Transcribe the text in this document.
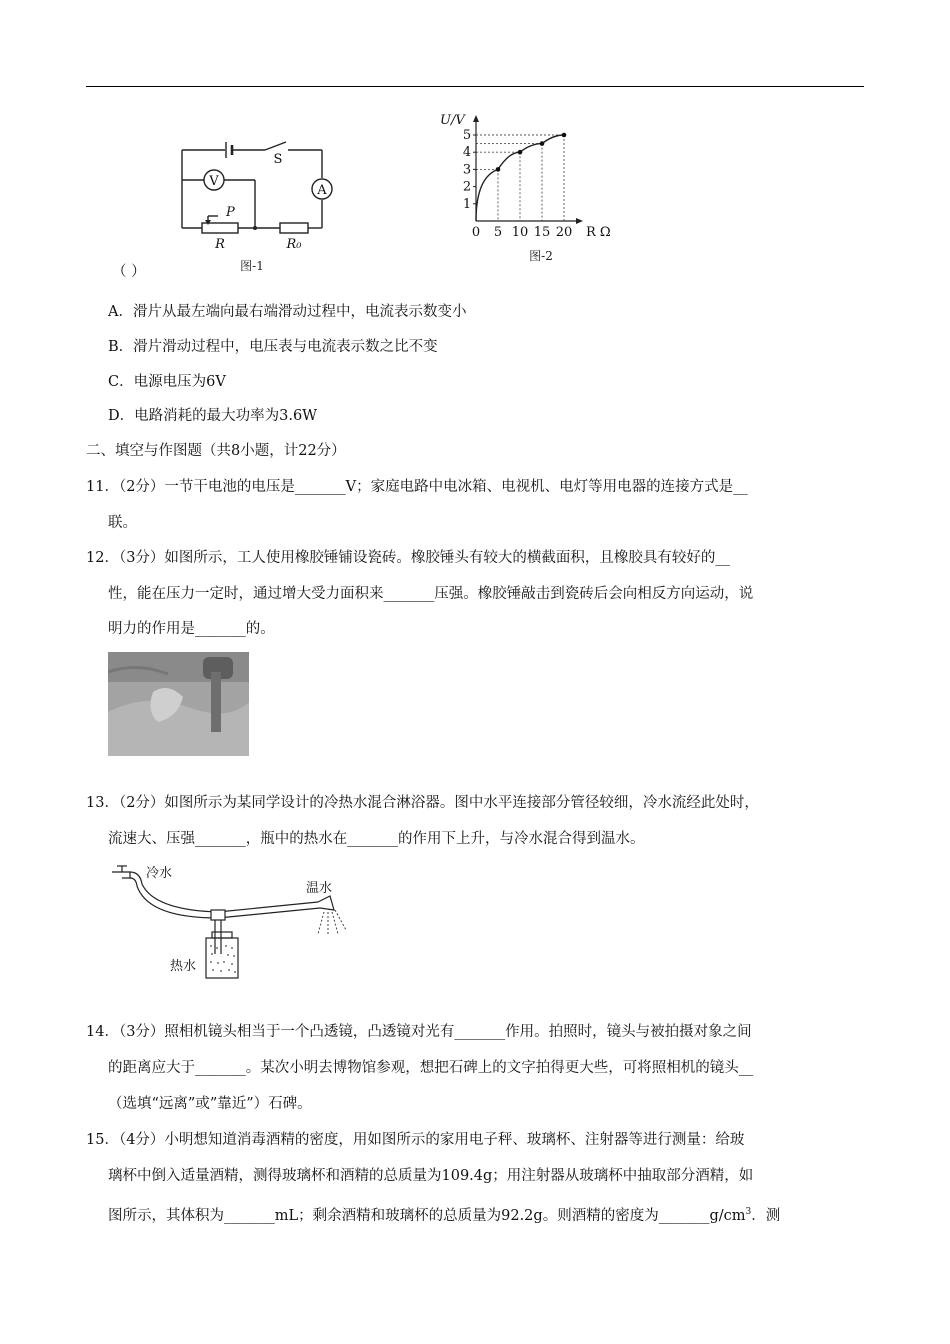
V
A
S
P
R	R₀
图-1
U/V
R Ω
1
2
3
4
5
0 5 10 15 20
图-2
（ ）
A．滑片从最左端向最右端滑动过程中，电流表示数变小
B．滑片滑动过程中，电压表与电流表示数之比不变
C．电源电压为6V
D．电路消耗的最大功率为3.6W
二、填空与作图题（共8小题，计22分）
11．（2分）一节干电池的电压是_______V；家庭电路中电冰箱、电视机、电灯等用电器的连接方式是__
联。
12．（3分）如图所示，工人使用橡胶锤铺设瓷砖。橡胶锤头有较大的横截面积，且橡胶具有较好的__
性，能在压力一定时，通过增大受力面积来_______压强。橡胶锤敲击到瓷砖后会向相反方向运动，说
明力的作用是_______的。
13．（2分）如图所示为某同学设计的冷热水混合淋浴器。图中水平连接部分管径较细，冷水流经此处时，
流速大、压强_______，瓶中的热水在_______的作用下上升，与冷水混合得到温水。
冷水
温水
热水
14．（3分）照相机镜头相当于一个凸透镜，凸透镜对光有_______作用。拍照时，镜头与被拍摄对象之间
的距离应大于_______。某次小明去博物馆参观，想把石碑上的文字拍得更大些，可将照相机的镜头__
（选填“远离”或”靠近”）石碑。
15．（4分）小明想知道消毒酒精的密度，用如图所示的家用电子秤、玻璃杯、注射器等进行测量：给玻
璃杯中倒入适量酒精，测得玻璃杯和酒精的总质量为109.4g；用注射器从玻璃杯中抽取部分酒精，如
图所示，其体积为_______mL；剩余酒精和玻璃杯的总质量为92.2g。则酒精的密度为$\_\_\_\_\_\_\_g/cm^3$．测
